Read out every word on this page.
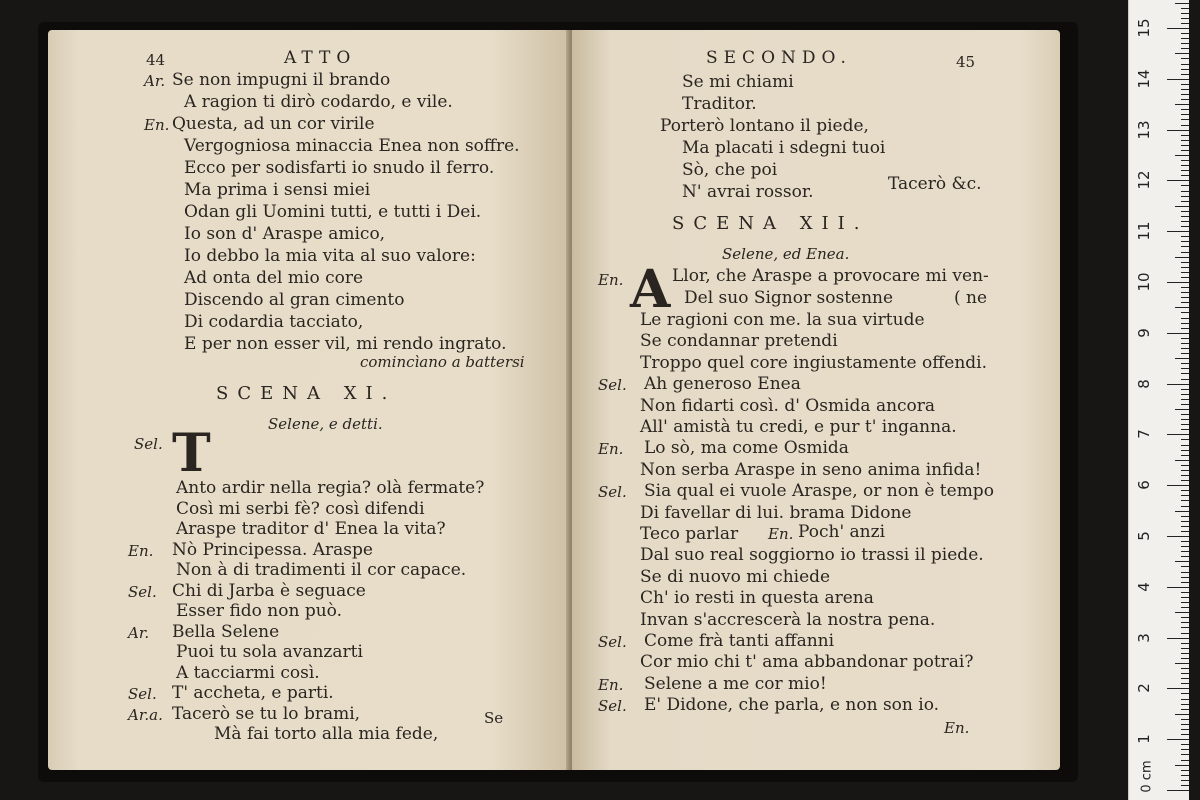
44	ATTO
Ar. Se non impugni il brando
A ragion ti dirò codardo, e vile.
En. Questa, ad un cor virile
Vergogniosa minaccia Enea non soffre.
Ecco per sodisfarti io snudo il ferro.
Ma prima i sensi miei
Odan gli Uomini tutti, e tutti i Dei.
Io son d' Araspe amico,
Io debbo la mia vita al suo valore:
Ad onta del mio core
Discendo al gran cimento
Di codardia tacciato,
E per non esser vil, mi rendo ingrato.
comincìano a battersi
SCENA XI.
Selene, e detti.
Sel. T
Anto ardir nella regia? olà fermate?
Così mi serbi fè? così difendi
Araspe traditor d' Enea la vita?
En. Nò Principessa. Araspe
Non à di tradimenti il cor capace.
Sel. Chi di Jarba è seguace
Esser fido non può.
Ar. Bella Selene
Puoi tu sola avanzarti
A tacciarmi così.
Sel. T' accheta, e parti.
Ar.a. Tacerò se tu lo brami,
Mà fai torto alla mia fede,
Se
SECONDO.	45
Se mi chiami
Traditor.
Porterò lontano il piede,
Ma placati i sdegni tuoi
Sò, che poi
N' avrai rossor.	Tacerò &c.
SCENA XII.
Selene, ed Enea.
En. A Llor, che Araspe a provocare mi ven-
Del suo Signor sostenne	( ne
Le ragioni con me. la sua virtude
Se condannar pretendi
Troppo quel core ingiustamente offendi.
Sel. Ah generoso Enea
Non fidarti così. d' Osmida ancora
All' amistà tu credi, e pur t' inganna.
En. Lo sò, ma come Osmida
Non serba Araspe in seno anima infida!
Sel. Sia qual ei vuole Araspe, or non è tempo
Di favellar di lui. brama Didone
Teco parlar
Dal suo real soggiorno io trassi il piede.
Se di nuovo mi chiede
Ch' io resti in questa arena
Invan s'accrescerà la nostra pena.
Sel. Come frà tanti affanni
Cor mio chi t' ama abbandonar potrai?
En. Selene a me cor mio!
Sel. E' Didone, che parla, e non son io.
En. Poch' anzi
En.
0 cm
1
2
3
4
5
6
7
8
9
10
11
12
13
14
15
